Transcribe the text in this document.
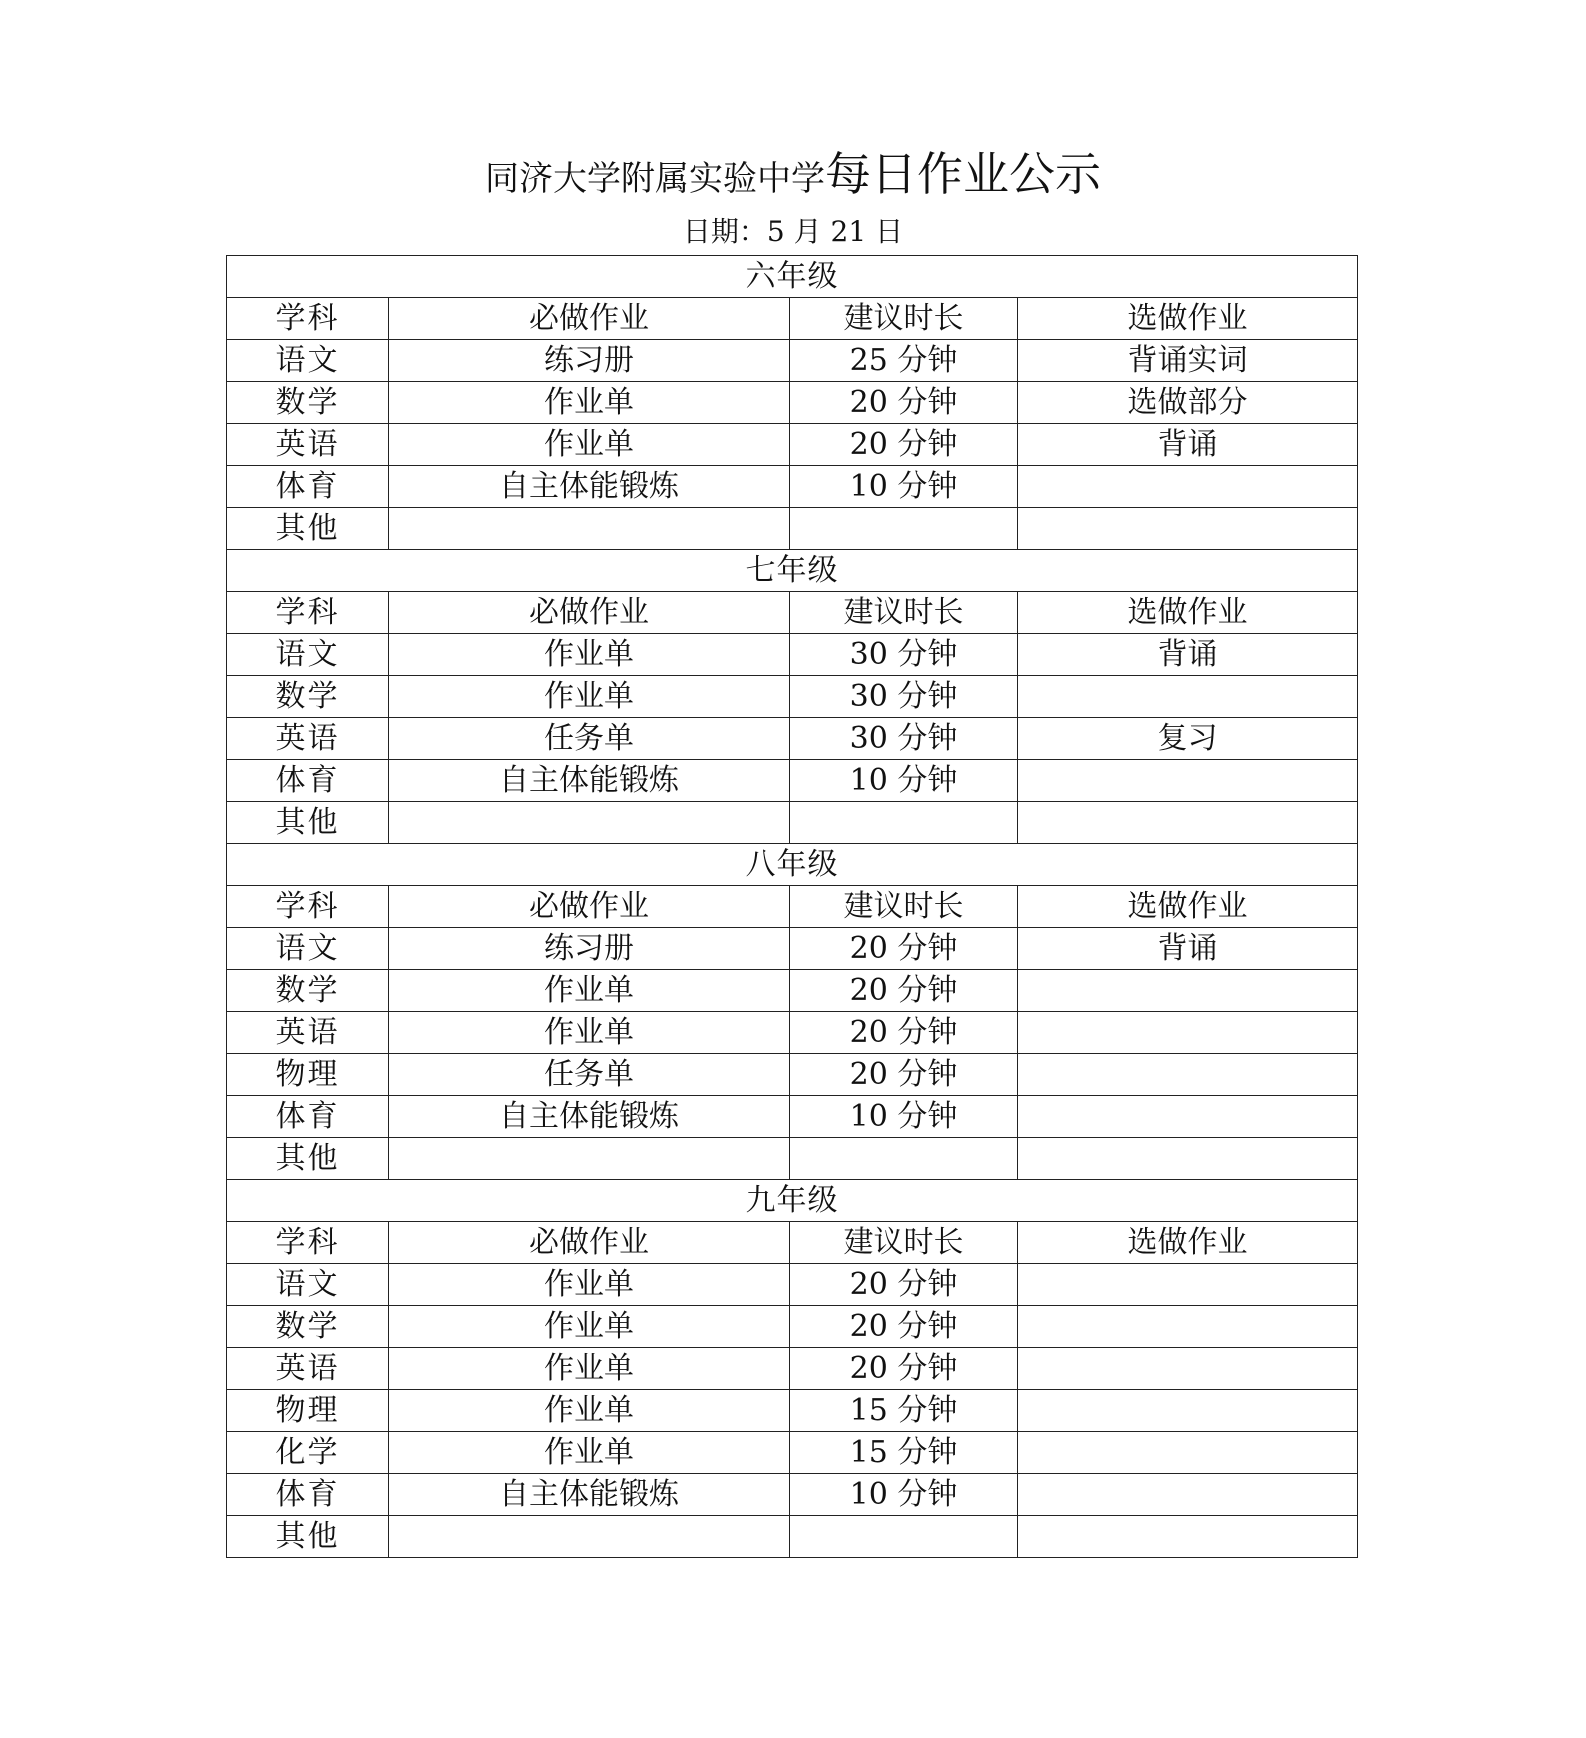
同济大学附属实验中学每日作业公示
日期：5 月 21 日
六年级			
学科	必做作业	建议时长	选做作业
语文	练习册	25 分钟	背诵实词
数学	作业单	20 分钟	选做部分
英语	作业单	20 分钟	背诵
体育	自主体能锻炼	10 分钟	
其他			
七年级			
学科	必做作业	建议时长	选做作业
语文	作业单	30 分钟	背诵
数学	作业单	30 分钟	
英语	任务单	30 分钟	复习
体育	自主体能锻炼	10 分钟	
其他			
八年级			
学科	必做作业	建议时长	选做作业
语文	练习册	20 分钟	背诵
数学	作业单	20 分钟	
英语	作业单	20 分钟	
物理	任务单	20 分钟	
体育	自主体能锻炼	10 分钟	
其他			
九年级			
学科	必做作业	建议时长	选做作业
语文	作业单	20 分钟	
数学	作业单	20 分钟	
英语	作业单	20 分钟	
物理	作业单	15 分钟	
化学	作业单	15 分钟	
体育	自主体能锻炼	10 分钟	
其他			
